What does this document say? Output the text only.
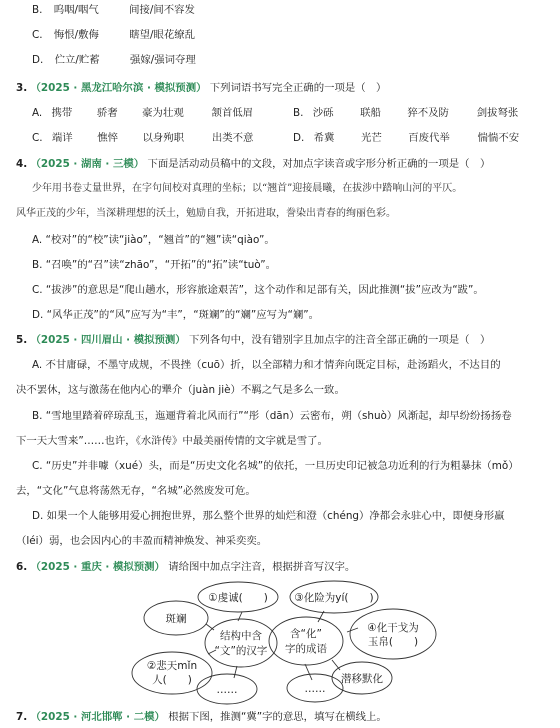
B. 呜咽/咽气	间接/间不容发
C. 悔恨/敷侮	瞎望/眼花缭乱
D. 伫立/贮蓄	强嫁/强词夺理
3. （2025 · 黑龙江哈尔滨 · 模拟预测） 下列词语书写完全正确的一项是（　）
A. 携带 骄奢 豪为壮观	颔首低眉	B. 沙砾	联船	猝不及防	剑拔弩张
C. 端详 憔悴 以身殉职	出类不意	D. 希冀	光芒	百废代举	惴惴不安
4. （2025 · 湖南 · 三模） 下面是活动动员稿中的文段，对加点字读音或字形分析正确的一项是（　）
少年用书卷丈量世界，在字句间校对真理的坐标；以“翘首”迎接晨曦，在拔涉中踏响山河的平仄。
风华正茂的少年，当深耕理想的沃土，勉励自我，开拓进取，誊染出青春的绚丽色彩。
A. “校对”的“校”读“jiào”，“翘首”的“翘”读“qiào”。
B. “召唤”的“召”读“zhāo”，“开拓”的“拓”读“tuò”。
C. “拔涉”的意思是“爬山趟水，形容旅途艰苦”，这个动作和足部有关，因此推测“拔”应改为“跋”。
D. “风华正茂”的“风”应写为“丰”，“斑斓”的“斓”应写为“斓”。
5. （2025 · 四川眉山 · 模拟预测） 下列各句中，没有错别字且加点字的注音全部正确的一项是（　）
A. 不甘庸碌，不墨守成规，不畏挫（cuō）折，以全部精力和才情奔向既定目标，赴汤蹈火，不达目的
决不罢休，这与激荡在他内心的犟介（juàn jiè）不羁之气是多么一致。
B. “雪地里踏着碎琼乱玉，迤逦背着北风而行”“彤（dān）云密布，朔（shuò）风渐起，却早纷纷扬扬卷
下一天大雪来”……也许，《水浒传》中最美丽传情的文字就是雪了。
C. “历史”并非噱（xué）头，而是“历史文化名城”的依托，一旦历史印记被急功近利的行为粗暴抹（mǒ）
去，“文化”气息将荡然无存，“名城”必然废发可危。
D. 如果一个人能够用爱心拥抱世界，那么整个世界的灿烂和澄（chéng）净都会永驻心中，即便身形羸
（léi）弱，也会因内心的丰盈而精神焕发、神采奕奕。
6. （2025 · 重庆 · 模拟预测） 请给图中加点字注音，根据拼音写汉字。
①虔诚(　　)
斑斓
结构中含
“文”的汉字
②悲天mǐn
人(　　)
……
③化险为yí(　　)
含“化”
字的成语
④化干戈为
玉帛(　　)
潜移默化
……
7. （2025 · 河北邯郸 · 二模） 根据下图，推测“冀”字的意思，填写在横线上。
